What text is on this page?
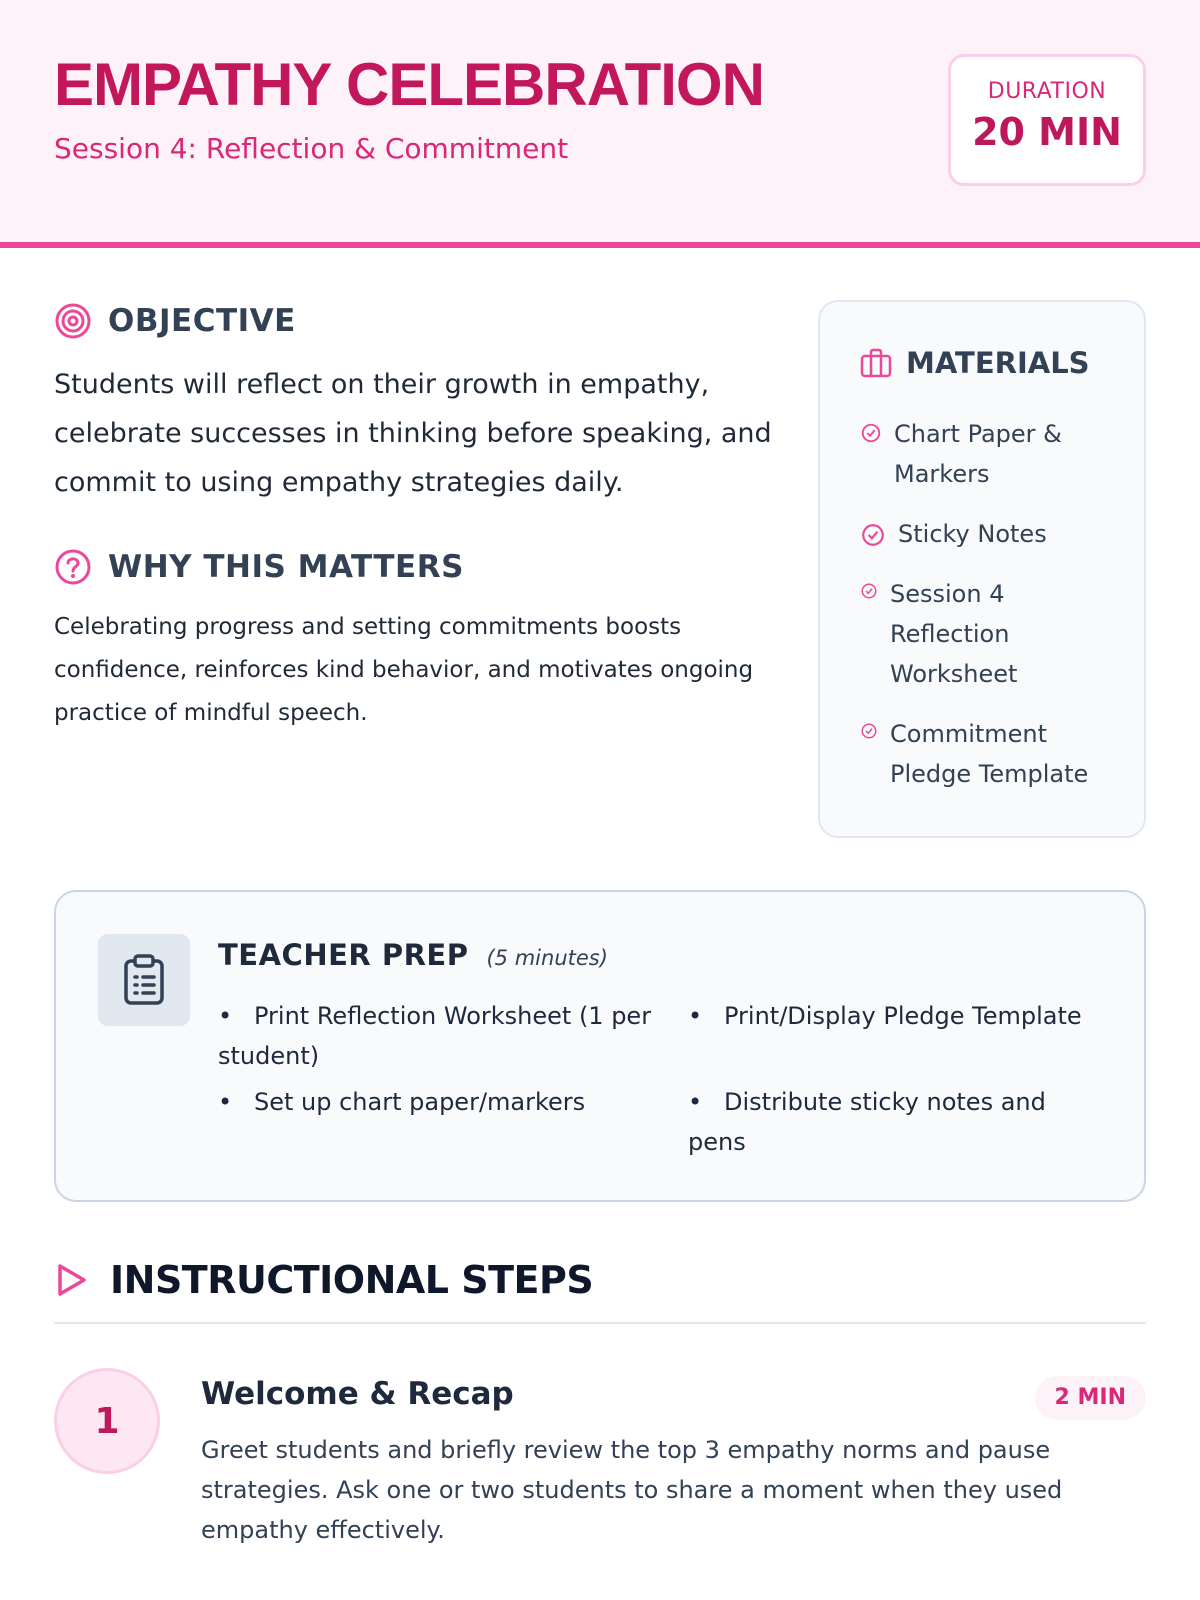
EMPATHY CELEBRATION
Session 4: Reflection & Commitment
DURATION
20 MIN
OBJECTIVE
Students will reflect on their growth in empathy, celebrate successes in thinking before speaking, and commit to using empathy strategies daily.
WHY THIS MATTERS
Celebrating progress and setting commitments boosts confidence, reinforces kind behavior, and motivates ongoing practice of mindful speech.
MATERIALS
Chart Paper & Markers
Sticky Notes
Session 4 Reflection Worksheet
Commitment Pledge Template
TEACHER PREP (5 minutes)
• Print Reflection Worksheet (1 per student)
• Print/Display Pledge Template
• Set up chart paper/markers	• Distribute sticky notes and pens
INSTRUCTIONAL STEPS
1
Welcome & Recap	2 MIN
Greet students and briefly review the top 3 empathy norms and pause strategies. Ask one or two students to share a moment when they used empathy effectively.
